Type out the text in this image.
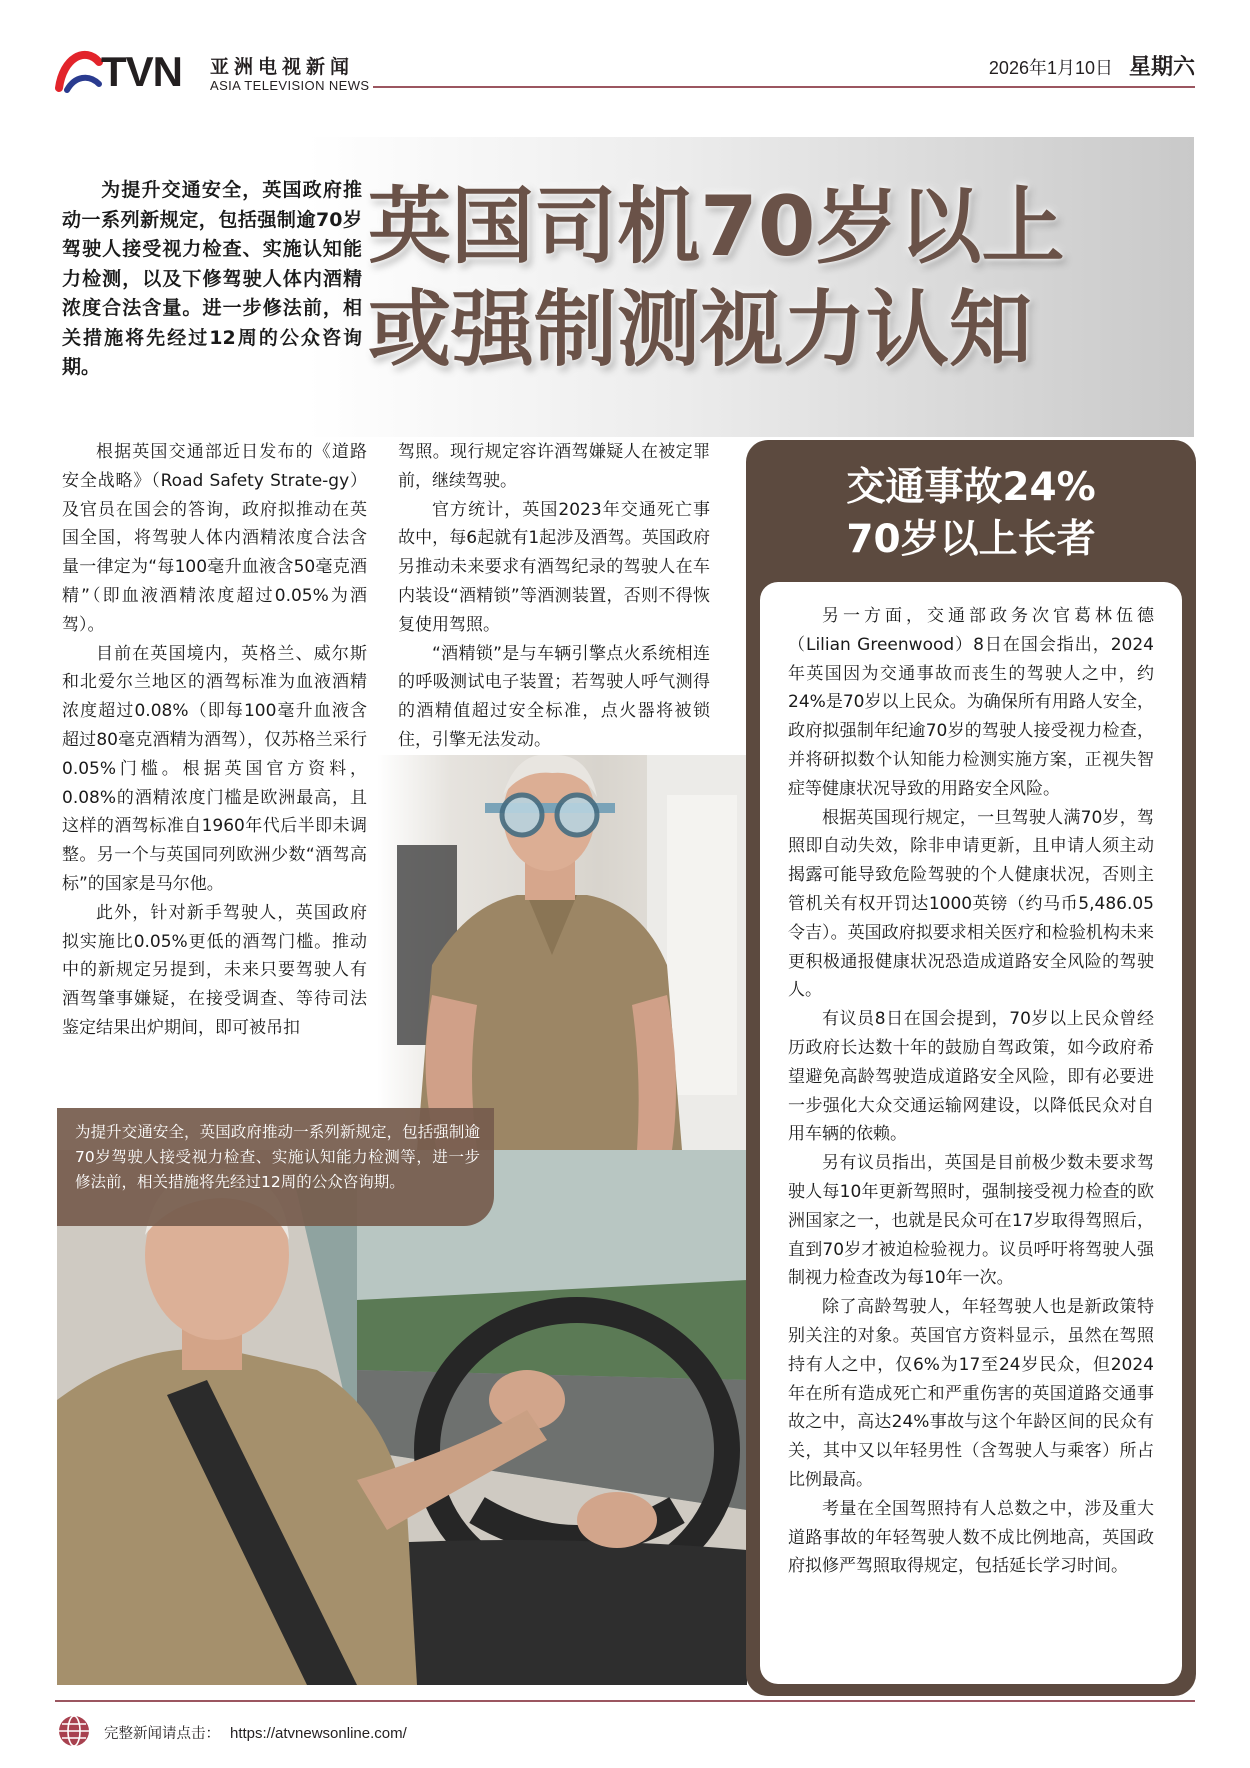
TVN 亚洲电视新闻
ASIA TELEVISION NEWS
2026年1月10日 星期六
为提升交通安全，英国政府推动一系列新规定，包括强制逾70岁驾驶人接受视力检查、实施认知能力检测，以及下修驾驶人体内酒精浓度合法含量。进一步修法前，相关措施将先经过12周的公众咨询期。
英国司机70岁以上
或强制测视力认知

根据英国交通部近日发布的《道路安全战略》（Road Safety Strate-gy）及官员在国会的答询，政府拟推动在英国全国，将驾驶人体内酒精浓度合法含量一律定为“每100毫升血液含50毫克酒精”（即血液酒精浓度超过0.05%为酒驾）。

目前在英国境内，英格兰、威尔斯和北爱尔兰地区的酒驾标准为血液酒精浓度超过0.08%（即每100毫升血液含超过80毫克酒精为酒驾），仅苏格兰采行0.05%门槛。根据英国官方资料，0.08%的酒精浓度门槛是欧洲最高，且这样的酒驾标准自1960年代后半即未调整。另一个与英国同列欧洲少数“酒驾高标”的国家是马尔他。

此外，针对新手驾驶人，英国政府拟实施比0.05%更低的酒驾门槛。推动中的新规定另提到，未来只要驾驶人有酒驾肇事嫌疑，在接受调查、等待司法鉴定结果出炉期间，即可被吊扣

驾照。现行规定容许酒驾嫌疑人在被定罪前，继续驾驶。

官方统计，英国2023年交通死亡事故中，每6起就有1起涉及酒驾。英国政府另推动未来要求有酒驾纪录的驾驶人在车内装设“酒精锁”等酒测装置，否则不得恢复使用驾照。

“酒精锁”是与车辆引擎点火系统相连的呼吸测试电子装置；若驾驶人呼气测得的酒精值超过安全标准，点火器将被锁住，引擎无法发动。

为提升交通安全，英国政府推动一系列新规定，包括强制逾70岁驾驶人接受视力检查、实施认知能力检测等，进一步修法前，相关措施将先经过12周的公众咨询期。
交通事故24%
70岁以上长者

另一方面，交通部政务次官葛林伍德（Lilian Greenwood）8日在国会指出，2024年英国因为交通事故而丧生的驾驶人之中，约24%是70岁以上民众。为确保所有用路人安全，政府拟强制年纪逾70岁的驾驶人接受视力检查，并将研拟数个认知能力检测实施方案，正视失智症等健康状况导致的用路安全风险。

根据英国现行规定，一旦驾驶人满70岁，驾照即自动失效，除非申请更新，且申请人须主动揭露可能导致危险驾驶的个人健康状况，否则主管机关有权开罚达1000英镑（约马币5,486.05令吉）。英国政府拟要求相关医疗和检验机构未来更积极通报健康状况恐造成道路安全风险的驾驶人。

有议员8日在国会提到，70岁以上民众曾经历政府长达数十年的鼓励自驾政策，如今政府希望避免高龄驾驶造成道路安全风险，即有必要进一步强化大众交通运输网建设，以降低民众对自用车辆的依赖。

另有议员指出，英国是目前极少数未要求驾驶人每10年更新驾照时，强制接受视力检查的欧洲国家之一，也就是民众可在17岁取得驾照后，直到70岁才被迫检验视力。议员呼吁将驾驶人强制视力检查改为每10年一次。

除了高龄驾驶人，年轻驾驶人也是新政策特别关注的对象。英国官方资料显示，虽然在驾照持有人之中，仅6%为17至24岁民众，但2024年在所有造成死亡和严重伤害的英国道路交通事故之中，高达24%事故与这个年龄区间的民众有关，其中又以年轻男性（含驾驶人与乘客）所占比例最高。

考量在全国驾照持有人总数之中，涉及重大道路事故的年轻驾驶人数不成比例地高，英国政府拟修严驾照取得规定，包括延长学习时间。

完整新闻请点击： https://atvnewsonline.com/
